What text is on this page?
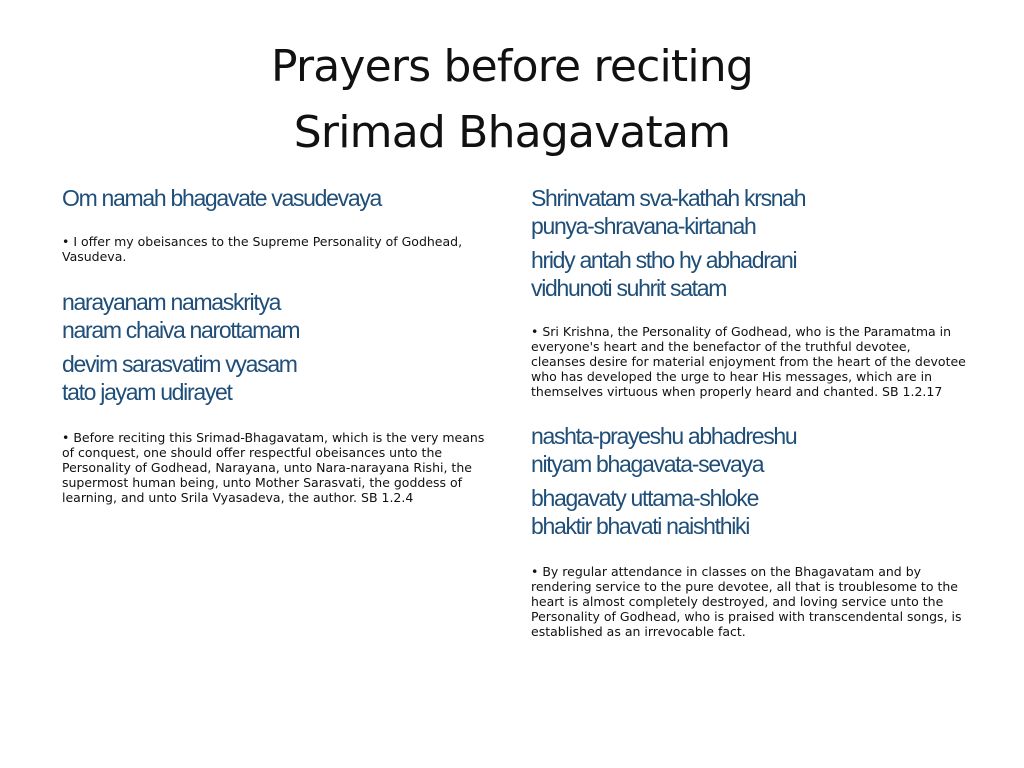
Prayers before reciting
Srimad Bhagavatam
Om namah bhagavate vasudevaya

• I offer my obeisances to the Supreme Personality of Godhead, Vasudeva.

narayanam namaskritya
naram chaiva narottamam
devim sarasvatim vyasam
tato jayam udirayet

• Before reciting this Srimad-Bhagavatam, which is the very means of conquest, one should offer respectful obeisances unto the Personality of Godhead, Narayana, unto Nara-narayana Rishi, the supermost human being, unto Mother Sarasvati, the goddess of learning, and unto Srila Vyasadeva, the author. SB 1.2.4

Shrinvatam sva-kathah krsnah
punya-shravana-kirtanah
hridy antah stho hy abhadrani
vidhunoti suhrit satam

• Sri Krishna, the Personality of Godhead, who is the Paramatma in everyone's heart and the benefactor of the truthful devotee, cleanses desire for material enjoyment from the heart of the devotee who has developed the urge to hear His messages, which are in themselves virtuous when properly heard and chanted. SB 1.2.17

nashta-prayeshu abhadreshu
nityam bhagavata-sevaya
bhagavaty uttama-shloke
bhaktir bhavati naishthiki

• By regular attendance in classes on the Bhagavatam and by rendering service to the pure devotee, all that is troublesome to the heart is almost completely destroyed, and loving service unto the Personality of Godhead, who is praised with transcendental songs, is established as an irrevocable fact.
